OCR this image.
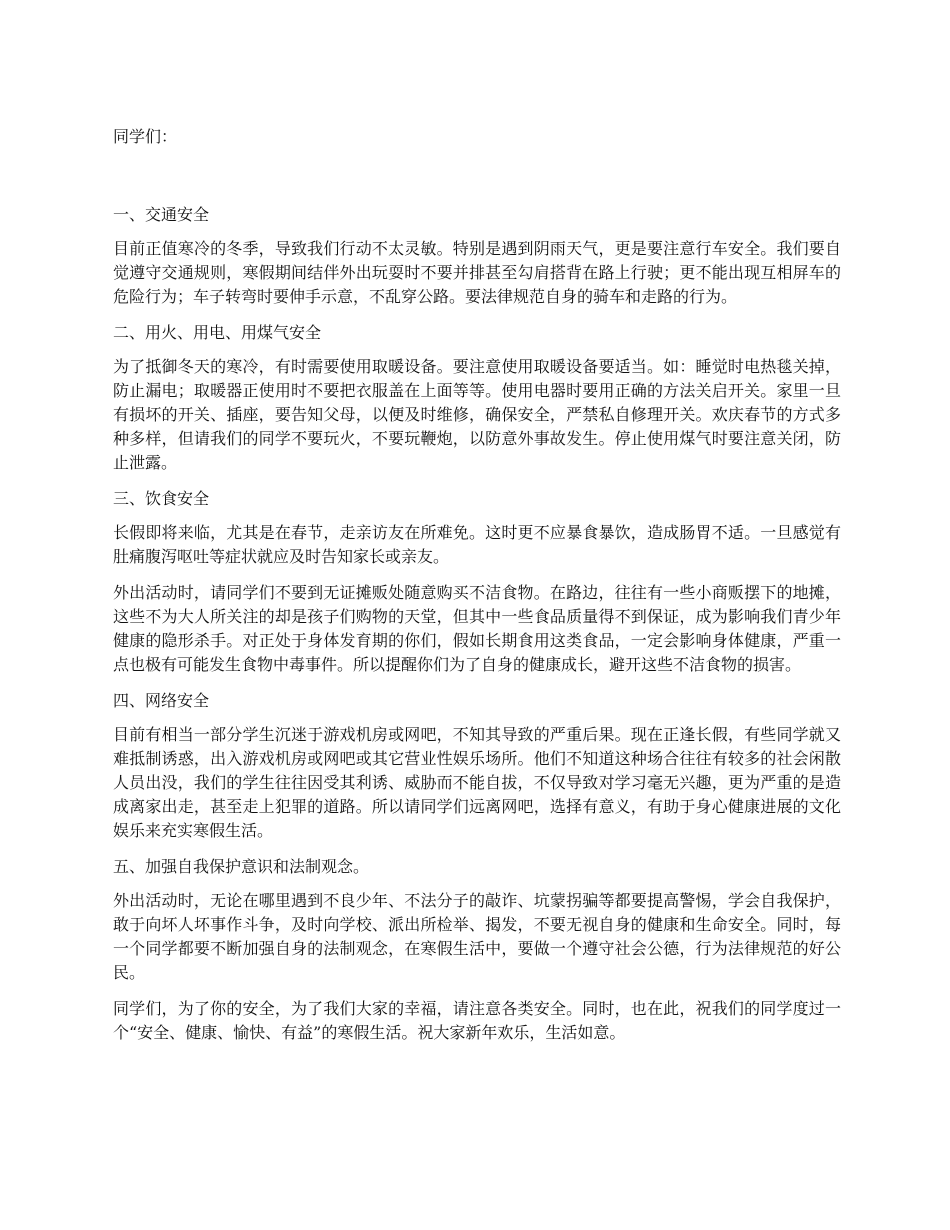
同学们：

一、交通安全

目前正值寒冷的冬季，导致我们行动不太灵敏。特别是遇到阴雨天气，更是要注意行车安全。我们要自觉遵守交通规则，寒假期间结伴外出玩耍时不要并排甚至勾肩搭背在路上行驶；更不能出现互相屏车的危险行为；车子转弯时要伸手示意，不乱穿公路。要法律规范自身的骑车和走路的行为。

二、用火、用电、用煤气安全

为了抵御冬天的寒冷，有时需要使用取暖设备。要注意使用取暖设备要适当。如：睡觉时电热毯关掉，防止漏电；取暖器正使用时不要把衣服盖在上面等等。使用电器时要用正确的方法关启开关。家里一旦有损坏的开关、插座，要告知父母，以便及时维修，确保安全，严禁私自修理开关。欢庆春节的方式多种多样，但请我们的同学不要玩火，不要玩鞭炮，以防意外事故发生。停止使用煤气时要注意关闭，防止泄露。

三、饮食安全

长假即将来临，尤其是在春节，走亲访友在所难免。这时更不应暴食暴饮，造成肠胃不适。一旦感觉有肚痛腹泻呕吐等症状就应及时告知家长或亲友。

外出活动时，请同学们不要到无证摊贩处随意购买不洁食物。在路边，往往有一些小商贩摆下的地摊，这些不为大人所关注的却是孩子们购物的天堂，但其中一些食品质量得不到保证，成为影响我们青少年健康的隐形杀手。对正处于身体发育期的你们，假如长期食用这类食品，一定会影响身体健康，严重一点也极有可能发生食物中毒事件。所以提醒你们为了自身的健康成长，避开这些不洁食物的损害。

四、网络安全

目前有相当一部分学生沉迷于游戏机房或网吧，不知其导致的严重后果。现在正逢长假，有些同学就又难抵制诱惑，出入游戏机房或网吧或其它营业性娱乐场所。他们不知道这种场合往往有较多的社会闲散人员出没，我们的学生往往因受其利诱、威胁而不能自拔，不仅导致对学习毫无兴趣，更为严重的是造成离家出走，甚至走上犯罪的道路。所以请同学们远离网吧，选择有意义，有助于身心健康进展的文化娱乐来充实寒假生活。

五、加强自我保护意识和法制观念。

外出活动时，无论在哪里遇到不良少年、不法分子的敲诈、坑蒙拐骗等都要提高警惕，学会自我保护，敢于向坏人坏事作斗争，及时向学校、派出所检举、揭发，不要无视自身的健康和生命安全。同时，每一个同学都要不断加强自身的法制观念，在寒假生活中，要做一个遵守社会公德，行为法律规范的好公民。

同学们，为了你的安全，为了我们大家的幸福，请注意各类安全。同时，也在此，祝我们的同学度过一个“安全、健康、愉快、有益”的寒假生活。祝大家新年欢乐，生活如意。
